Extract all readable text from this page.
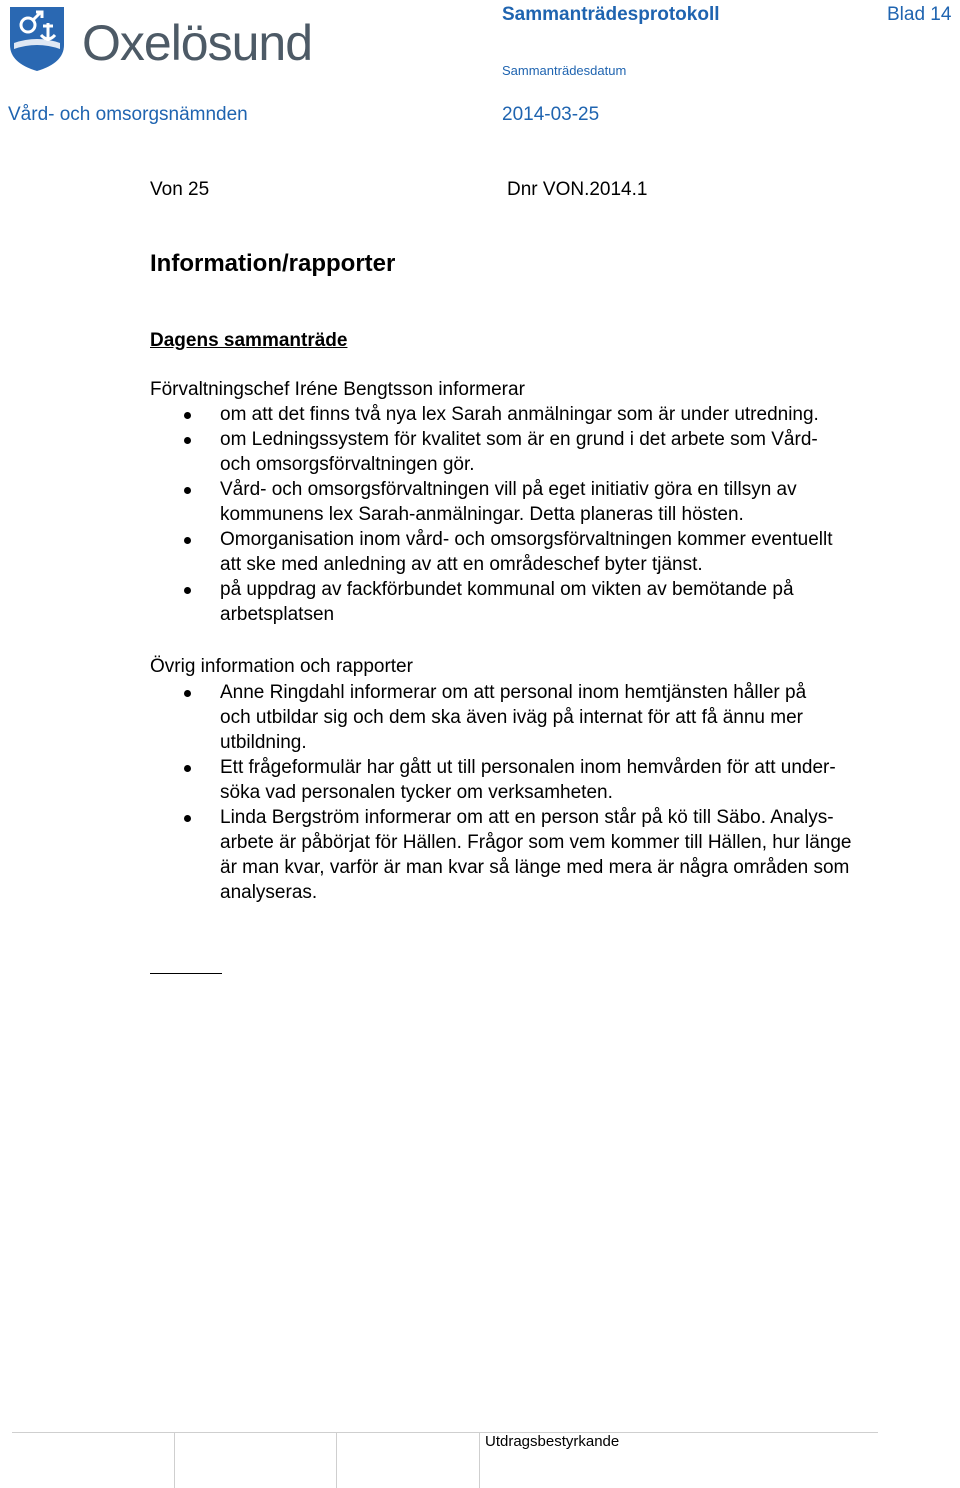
Oxelösund
Sammanträdesprotokoll	Blad 14
Sammanträdesdatum
Vård- och omsorgsnämnden	2014-03-25
Von 25	Dnr VON.2014.1
Information/rapporter
Dagens sammanträde
Förvaltningschef Iréne Bengtsson informerar
om att det finns två nya lex Sarah anmälningar som är under utredning.
om Ledningssystem för kvalitet som är en grund i det arbete som Vård-
och omsorgsförvaltningen gör.
Vård- och omsorgsförvaltningen vill på eget initiativ göra en tillsyn av
kommunens lex Sarah-anmälningar. Detta planeras till hösten.
Omorganisation inom vård- och omsorgsförvaltningen kommer eventuellt
att ske med anledning av att en områdeschef byter tjänst.
på uppdrag av fackförbundet kommunal om vikten av bemötande på
arbetsplatsen
Övrig information och rapporter
Anne Ringdahl informerar om att personal inom hemtjänsten håller på
och utbildar sig och dem ska även iväg på internat för att få ännu mer
utbildning.
Ett frågeformulär har gått ut till personalen inom hemvården för att under-
söka vad personalen tycker om verksamheten.
Linda Bergström informerar om att en person står på kö till Säbo. Analys-
arbete är påbörjat för Hällen. Frågor som vem kommer till Hällen, hur länge
är man kvar, varför är man kvar så länge med mera är några områden som
analyseras.
Utdragsbestyrkande
